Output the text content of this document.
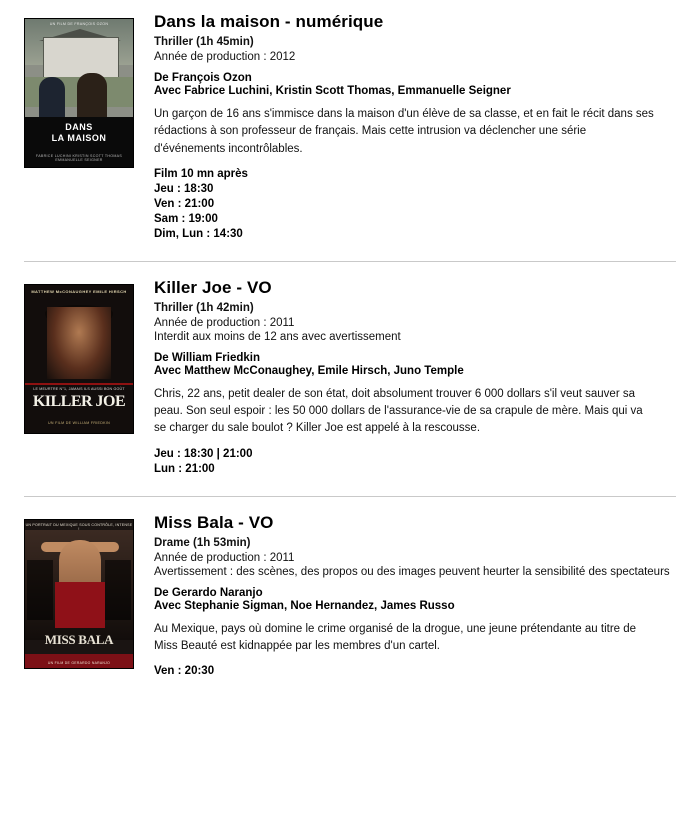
UN FILM DE FRANÇOIS OZON
DANS
LA MAISON
FABRICE LUCHINI KRISTIN SCOTT THOMAS EMMANUELLE SEIGNER
Dans la maison - numérique

Thriller (1h 45min)

Année de production : 2012

De François Ozon

Avec Fabrice Luchini, Kristin Scott Thomas, Emmanuelle Seigner

Un garçon de 16 ans s'immisce dans la maison d'un élève de sa classe, et en fait le récit dans ses rédactions à son professeur de français. Mais cette intrusion va déclencher une série d'événements incontrôlables.

Film 10 mn après

Jeu : 18:30

Ven : 21:00

Sam : 19:00

Dim, Lun : 14:30

MATTHEW McCONAUGHEY EMILE HIRSCH
LE MEURTRE N°1, JAMAIS ILS AUSSI BON GOÛT
KILLER JOE
UN FILM DE WILLIAM FRIEDKIN
Killer Joe - VO

Thriller (1h 42min)

Année de production : 2011

Interdit aux moins de 12 ans avec avertissement

De William Friedkin

Avec Matthew McConaughey, Emile Hirsch, Juno Temple

Chris, 22 ans, petit dealer de son état, doit absolument trouver 6 000 dollars s'il veut sauver sa peau. Son seul espoir : les 50 000 dollars de l'assurance-vie de sa crapule de mère. Mais qui va se charger du sale boulot ? Killer Joe est appelé à la rescousse.

Jeu : 18:30 | 21:00

Lun : 21:00

UN PORTRAIT DU MEXIQUE SOUS CONTRÔLE, INTENSE !
MISS BALA
UN FILM DE GERARDO NARANJO
Miss Bala - VO

Drame (1h 53min)

Année de production : 2011

Avertissement : des scènes, des propos ou des images peuvent heurter la sensibilité des spectateurs

De Gerardo Naranjo

Avec Stephanie Sigman, Noe Hernandez, James Russo

Au Mexique, pays où domine le crime organisé de la drogue, une jeune prétendante au titre de Miss Beauté est kidnappée par les membres d'un cartel.

Ven : 20:30
